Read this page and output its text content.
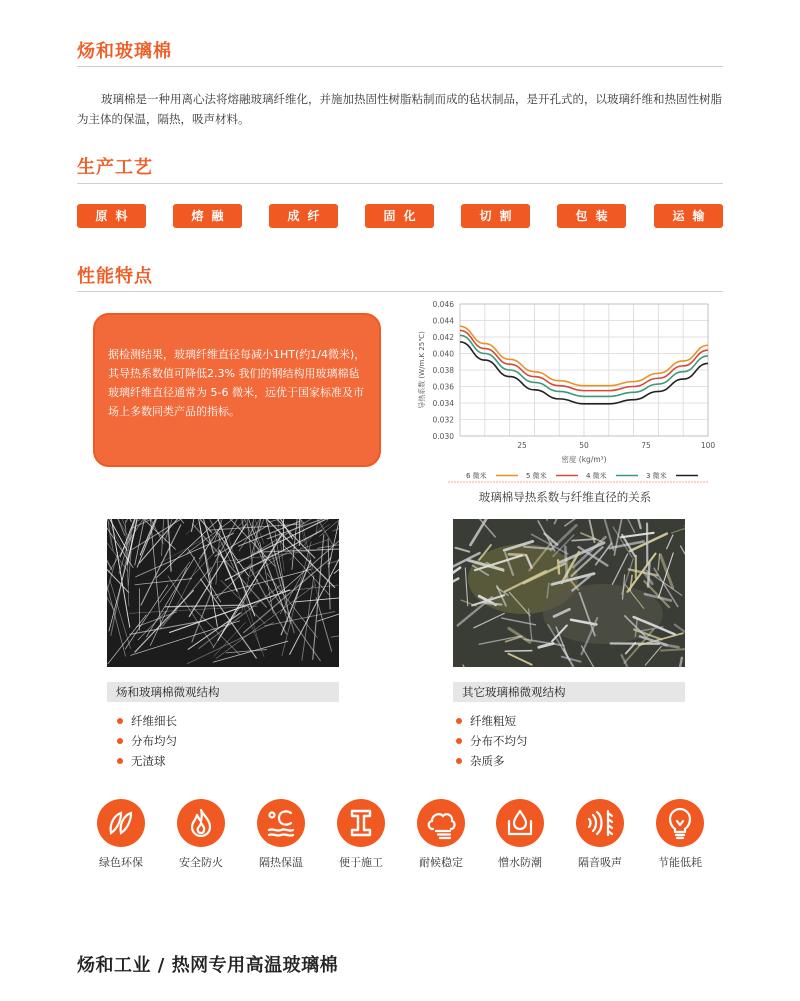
炀和玻璃棉
玻璃棉是一种用离心法将熔融玻璃纤维化，并施加热固性树脂粘制而成的毡状制品，是开孔式的，以玻璃纤维和热固性树脂为主体的保温，隔热，吸声材料。
生产工艺
原料	熔融	成纤	固化	切割	包装	运输
性能特点
据检测结果，玻璃纤维直径每减小1HT(约1/4微米)，其导热系数值可降低2.3% 我们的钢结构用玻璃棉毡玻璃纤维直径通常为 5-6 微米，远优于国家标准及市场上多数同类产品的指标。
0.030
0.032
0.034
0.036
0.038
0.040
0.042
0.044
0.046
25	50	75	100
密度 (kg/m³)
导热系数 (W/m.K 25℃)
6 微米	5 微米	4 微米	3 微米
玻璃棉导热系数与纤维直径的关系
炀和玻璃棉微观结构	其它玻璃棉微观结构
纤维细长
分布均匀
无渣球
纤维粗短
分布不均匀
杂质多
绿色环保	安全防火	隔热保温	便于施工	耐候稳定	憎水防潮	隔音吸声	节能低耗
炀和工业 / 热网专用高温玻璃棉
